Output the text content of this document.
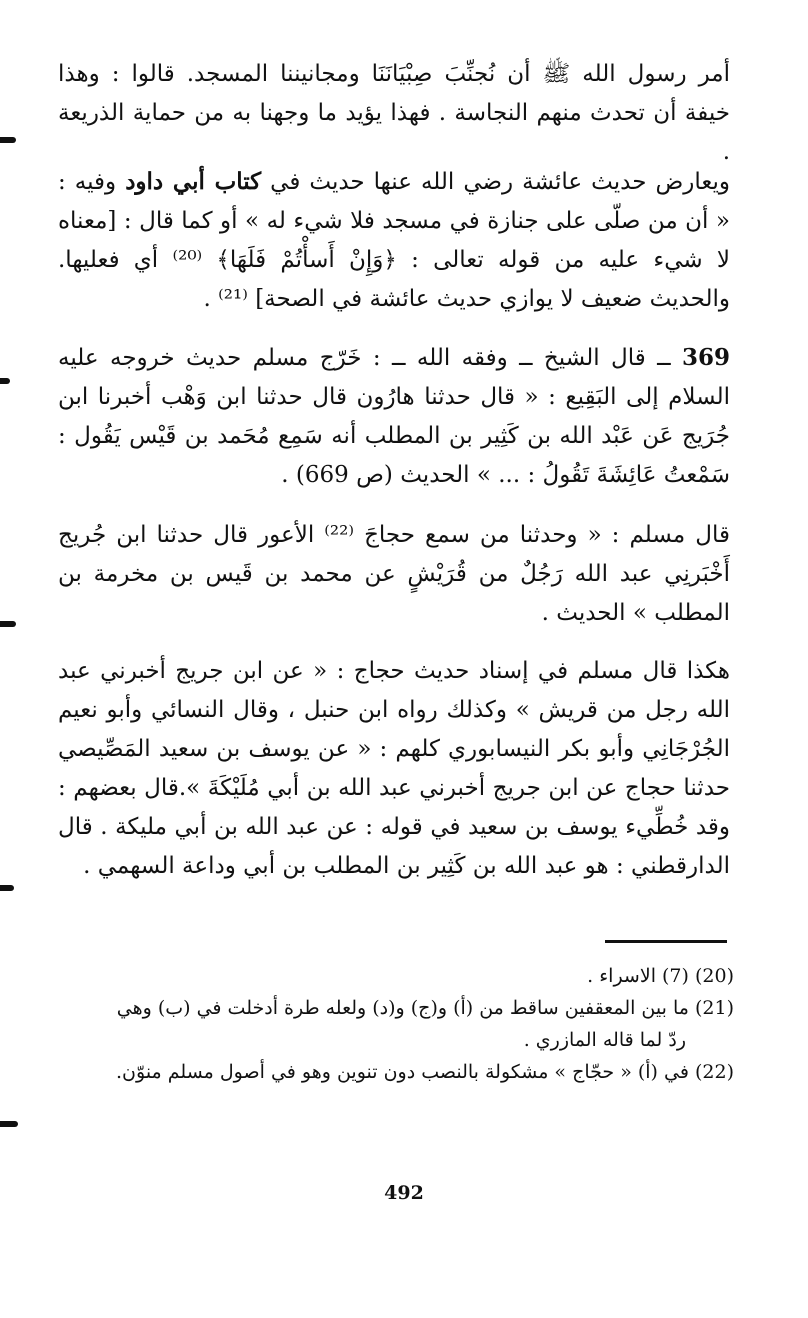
أمر رسول الله ﷺ أن نُجنِّبَ صِبْيَانَنَا ومجانيننا المسجد. قالوا : وهذا خيفة أن تحدث منهم النجاسة . فهذا يؤيد ما وجهنا به من حماية الذريعة .

ويعارض حديث عائشة رضي الله عنها حديث في كتاب أبي داود وفيه : « أن من صلّى على جنازة في مسجد فلا شيء له » أو كما قال : [معناه لا شيء عليه من قوله تعالى : ﴿وَإِنْ أَسأْتُمْ فَلَهَا﴾ ⁽²⁰⁾ أي فعليها. والحديث ضعيف لا يوازي حديث عائشة في الصحة] ⁽²¹⁾ .

369 ــ قال الشيخ ــ وفقه الله ــ : خَرّج مسلم حديث خروجه عليه السلام إلى البَقِيع : « قال حدثنا هارُون قال حدثنا ابن وَهْب أخبرنا ابن جُرَيج عَن عَبْد الله بن كَثِير بن المطلب أنه سَمِع مُحَمد بن قَيْس يَقُول : سَمْعتُ عَائِشَةَ تَقُولُ : ... » الحديث (ص 669) .

قال مسلم : « وحدثنا من سمع حجاجَ ⁽²²⁾ الأعور قال حدثنا ابن جُريج أَخْبَرنِي عبد الله رَجُلٌ من قُرَيْشٍ عن محمد بن قَيس بن مخرمة بن المطلب » الحديث .

هكذا قال مسلم في إسناد حديث حجاج : « عن ابن جريج أخبرني عبد الله رجل من قريش » وكذلك رواه ابن حنبل ، وقال النسائي وأبو نعيم الجُرْجَانِي وأبو بكر النيسابوري كلهم : « عن يوسف بن سعيد المَصِّيصي حدثنا حجاج عن ابن جريج أخبرني عبد الله بن أبي مُلَيْكَةَ ».قال بعضهم : وقد خُطِّيء يوسف بن سعيد في قوله : عن عبد الله بن أبي مليكة . قال الدارقطني : هو عبد الله بن كَثِير بن المطلب بن أبي وداعة السهمي .

(20) (7) الاسراء .

(21) ما بين المعقفين ساقط من (أ) و(ج) و(د) ولعله طرة أدخلت في (ب) وهي

ردّ لما قاله المازري .

(22) في (أ) « حجّاج » مشكولة بالنصب دون تنوين وهو في أصول مسلم منوّن.

492
